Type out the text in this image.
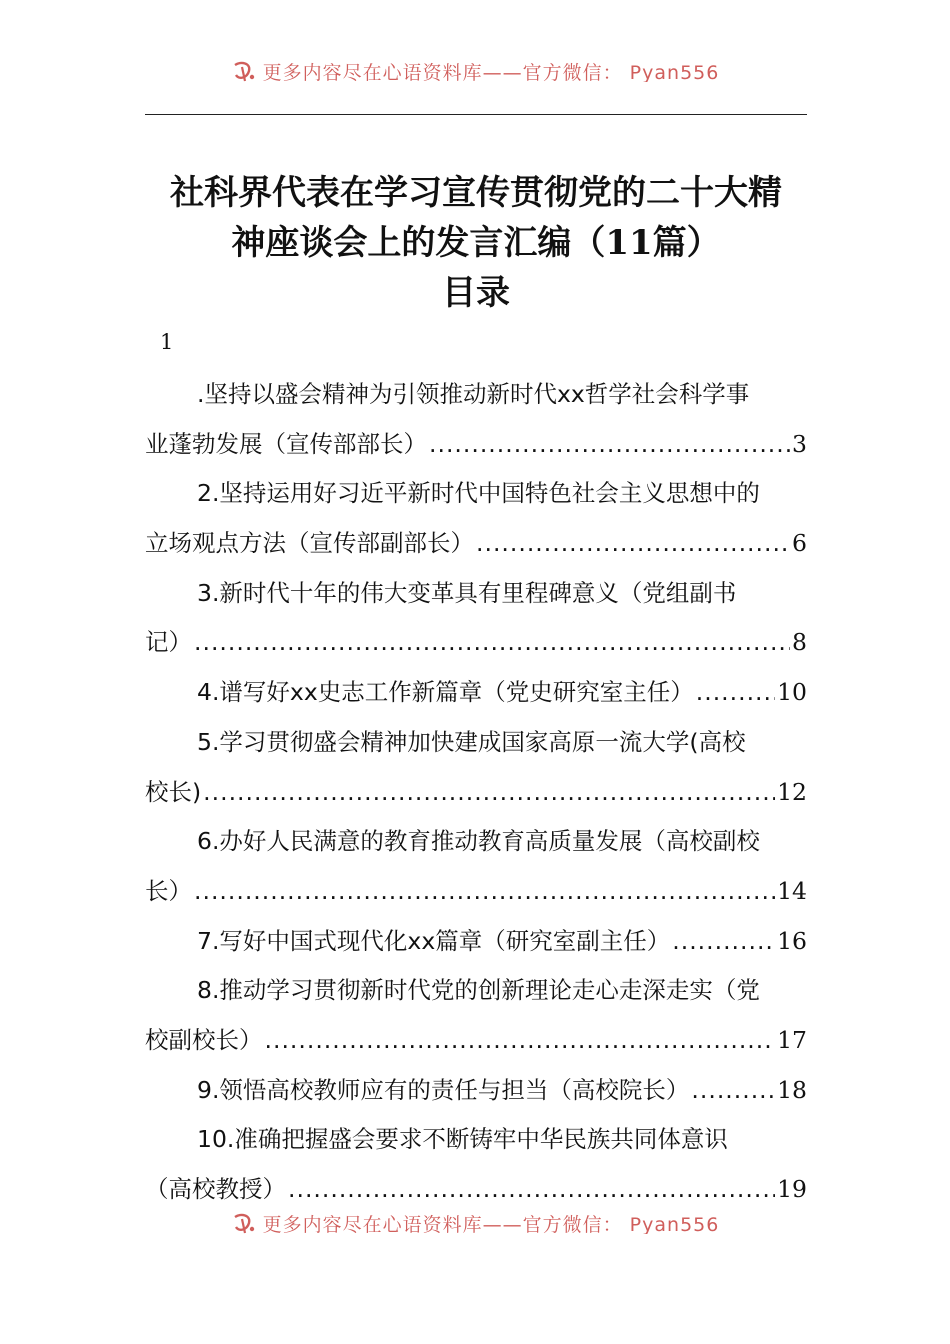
更多内容尽在心语资料库——官方微信： Pyan556
社科界代表在学习宣传贯彻党的二十大精
神座谈会上的发言汇编（11篇）
目录
1
.坚持以盛会精神为引领推动新时代xx哲学社会科学事
业蓬勃发展（宣传部部长） .....	3
2.坚持运用好习近平新时代中国特色社会主义思想中的
立场观点方法（宣传部副部长） .....	6
3.新时代十年的伟大变革具有里程碑意义（党组副书
记） .....	8
4.谱写好xx史志工作新篇章（党史研究室主任） .....	10
5.学习贯彻盛会精神加快建成国家高原一流大学(高校
校长) .....	12
6.办好人民满意的教育推动教育高质量发展（高校副校
长） .....	14
7.写好中国式现代化xx篇章（研究室副主任） .....	16
8.推动学习贯彻新时代党的创新理论走心走深走实（党
校副校长） .....	17
9.领悟高校教师应有的责任与担当（高校院长） .....	18
10.准确把握盛会要求不断铸牢中华民族共同体意识
（高校教授） .....	19
更多内容尽在心语资料库——官方微信： Pyan556
